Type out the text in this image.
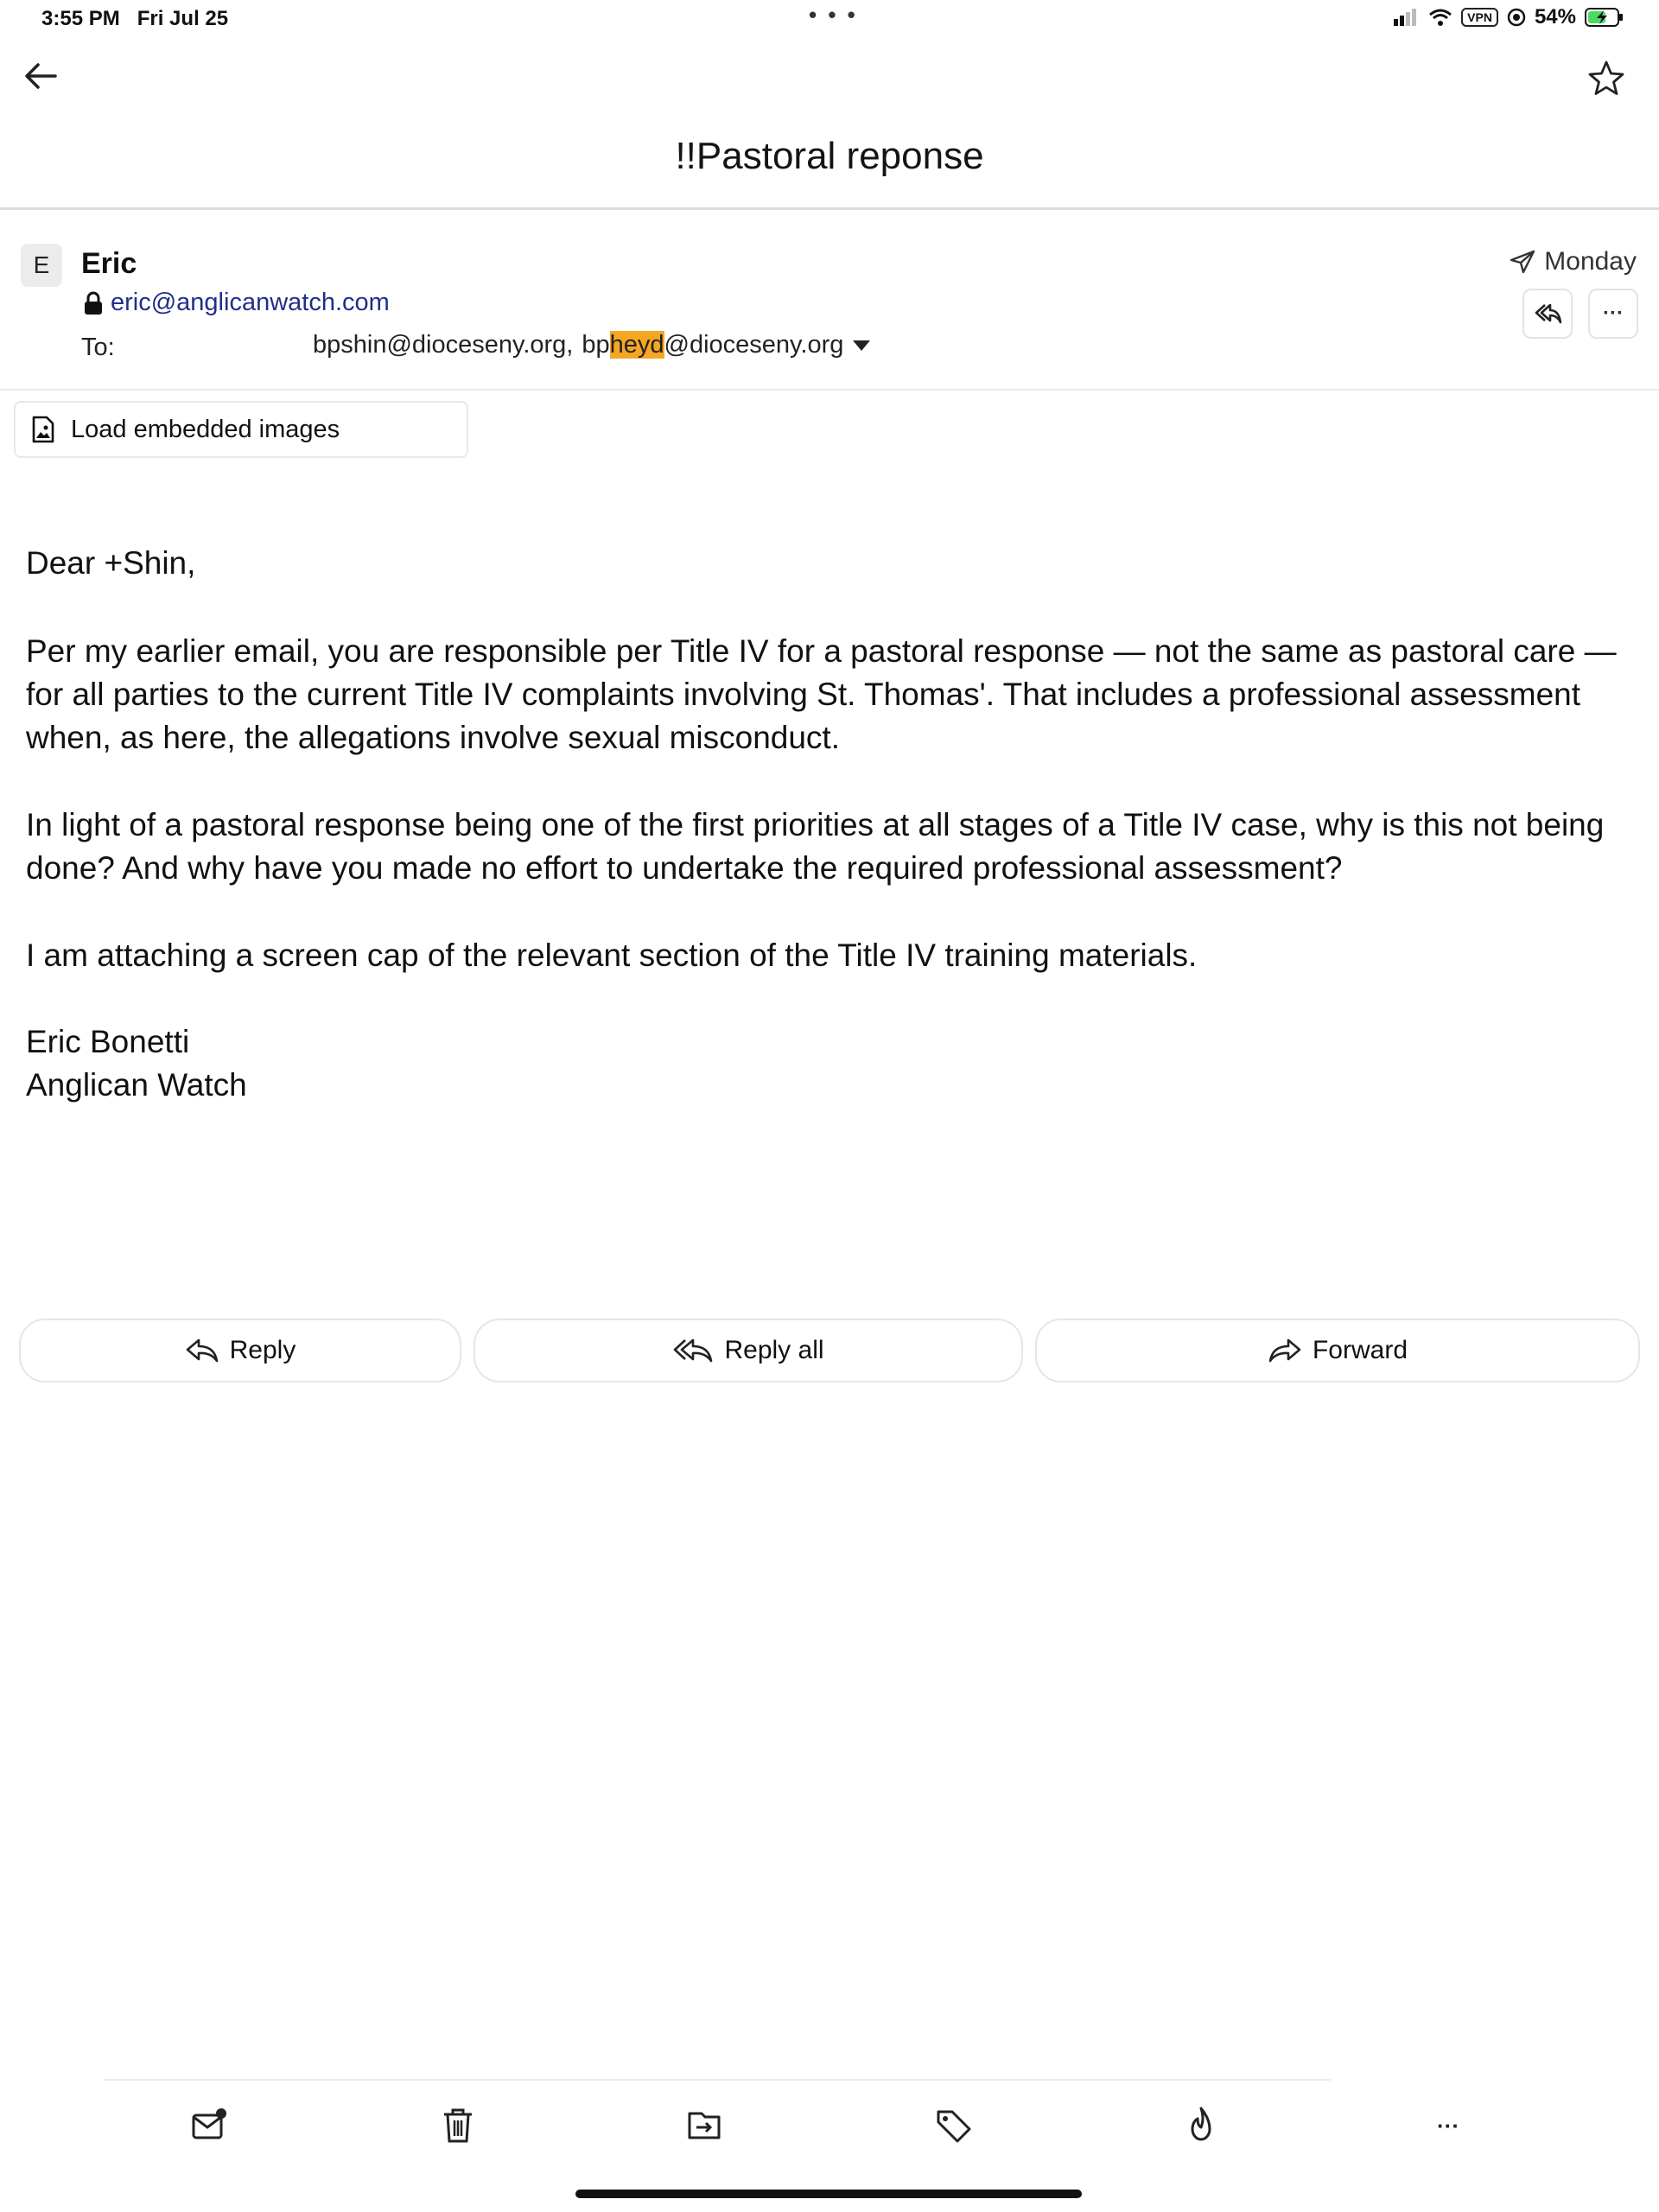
3:55 PM Fri Jul 25	• • •	VPN 54%
!!Pastoral reponse
E	Eric
eric@anglicanwatch.com
To:	bpshin@dioceseny.org, bpheyd@dioceseny.org
Monday
···
Load embedded images

Dear +Shin,

Per my earlier email, you are responsible per Title IV for a pastoral response — not the same as pastoral care — for all parties to the current Title IV complaints involving St. Thomas'. That includes a professional assessment when, as here, the allegations involve sexual misconduct.

In light of a pastoral response being one of the first priorities at all stages of a Title IV case, why is this not being done? And why have you made no effort to undertake the required professional assessment?

I am attaching a screen cap of the relevant section of the Title IV training materials.

Eric Bonetti

Anglican Watch

Reply	Reply all	Forward
···
